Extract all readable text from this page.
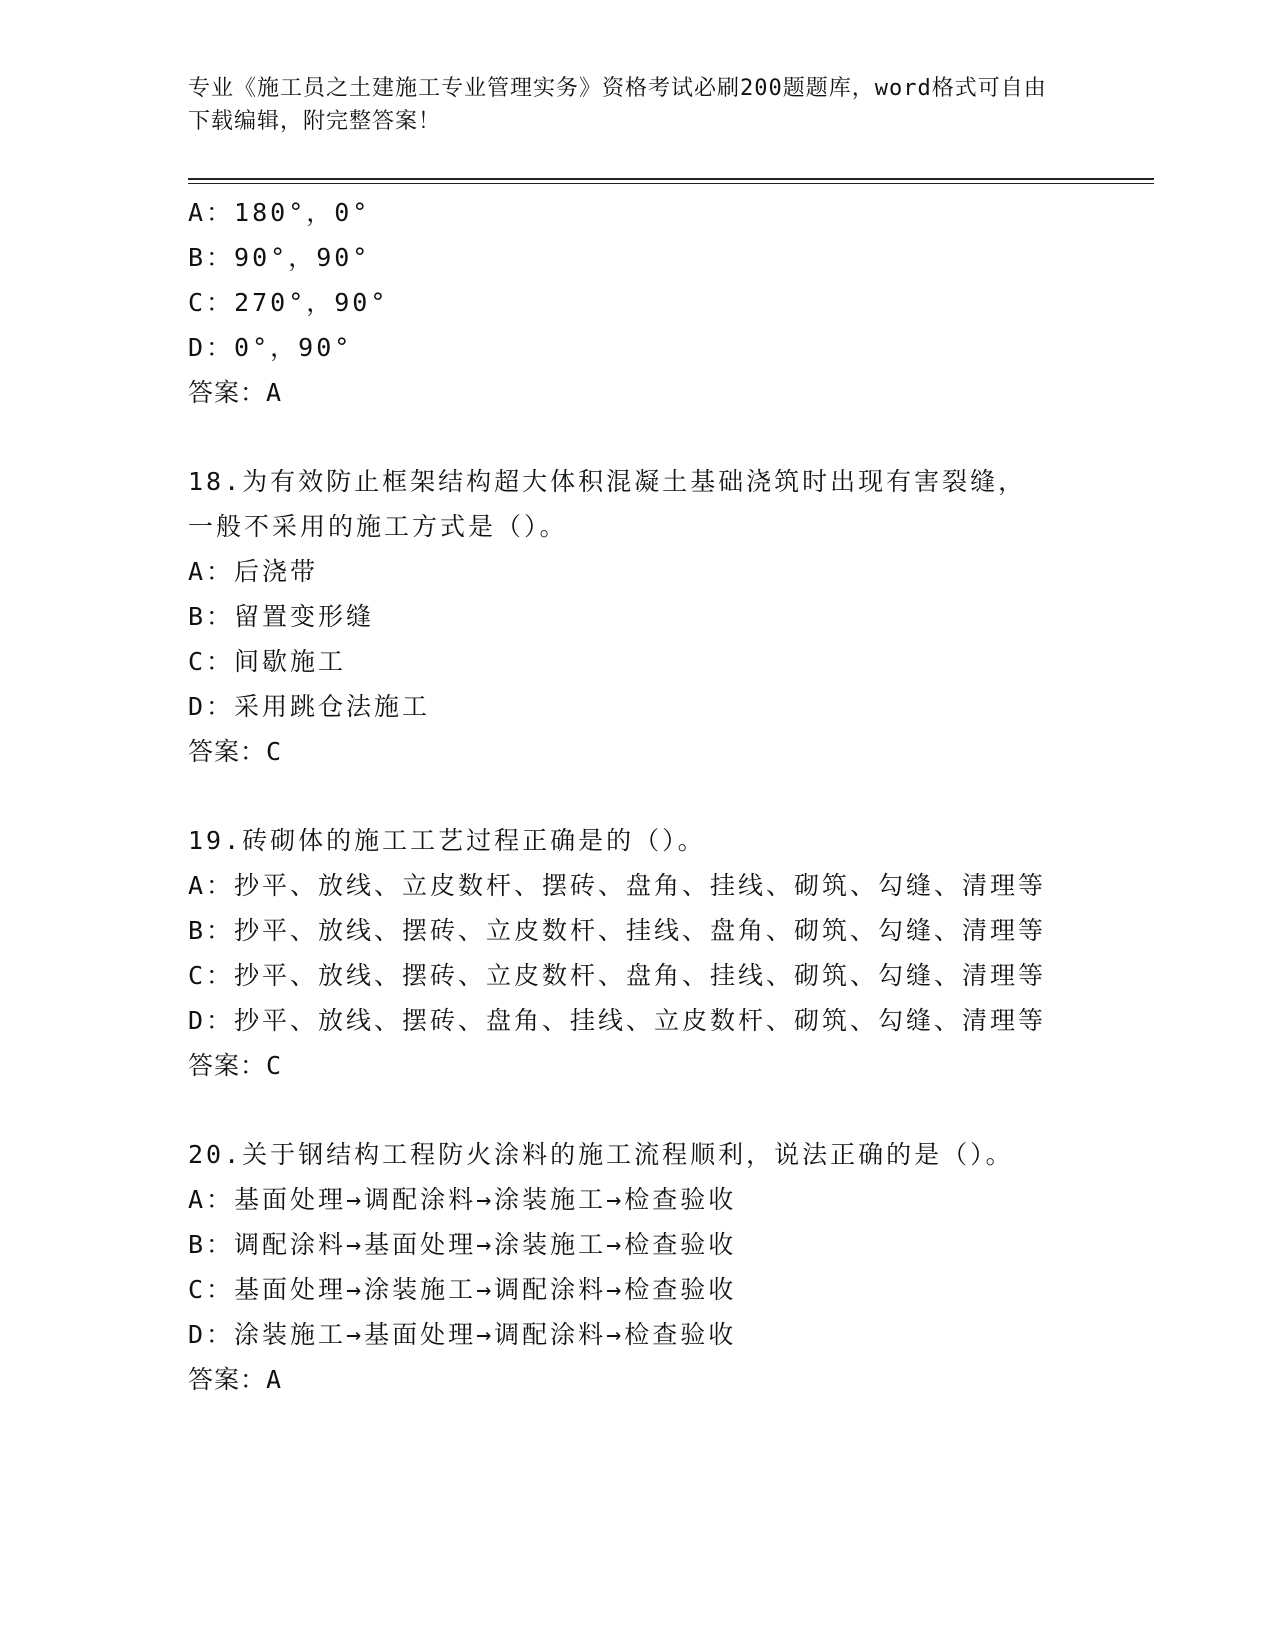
专业《施工员之土建施工专业管理实务》资格考试必刷200题题库，word格式可自由下载编辑，附完整答案！
A：180°，0°
B：90°，90°
C：270°，90°
D：0°，90°
答案：A
18.为有效防止框架结构超大体积混凝土基础浇筑时出现有害裂缝，一般不采用的施工方式是（）。
A：后浇带
B：留置变形缝
C：间歇施工
D：采用跳仓法施工
答案：C
19.砖砌体的施工工艺过程正确是的（）。
A：抄平、放线、立皮数杆、摆砖、盘角、挂线、砌筑、勾缝、清理等
B：抄平、放线、摆砖、立皮数杆、挂线、盘角、砌筑、勾缝、清理等
C：抄平、放线、摆砖、立皮数杆、盘角、挂线、砌筑、勾缝、清理等
D：抄平、放线、摆砖、盘角、挂线、立皮数杆、砌筑、勾缝、清理等
答案：C
20.关于钢结构工程防火涂料的施工流程顺利，说法正确的是（）。
A：基面处理→调配涂料→涂装施工→检查验收
B：调配涂料→基面处理→涂装施工→检查验收
C：基面处理→涂装施工→调配涂料→检查验收
D：涂装施工→基面处理→调配涂料→检查验收
答案：A
